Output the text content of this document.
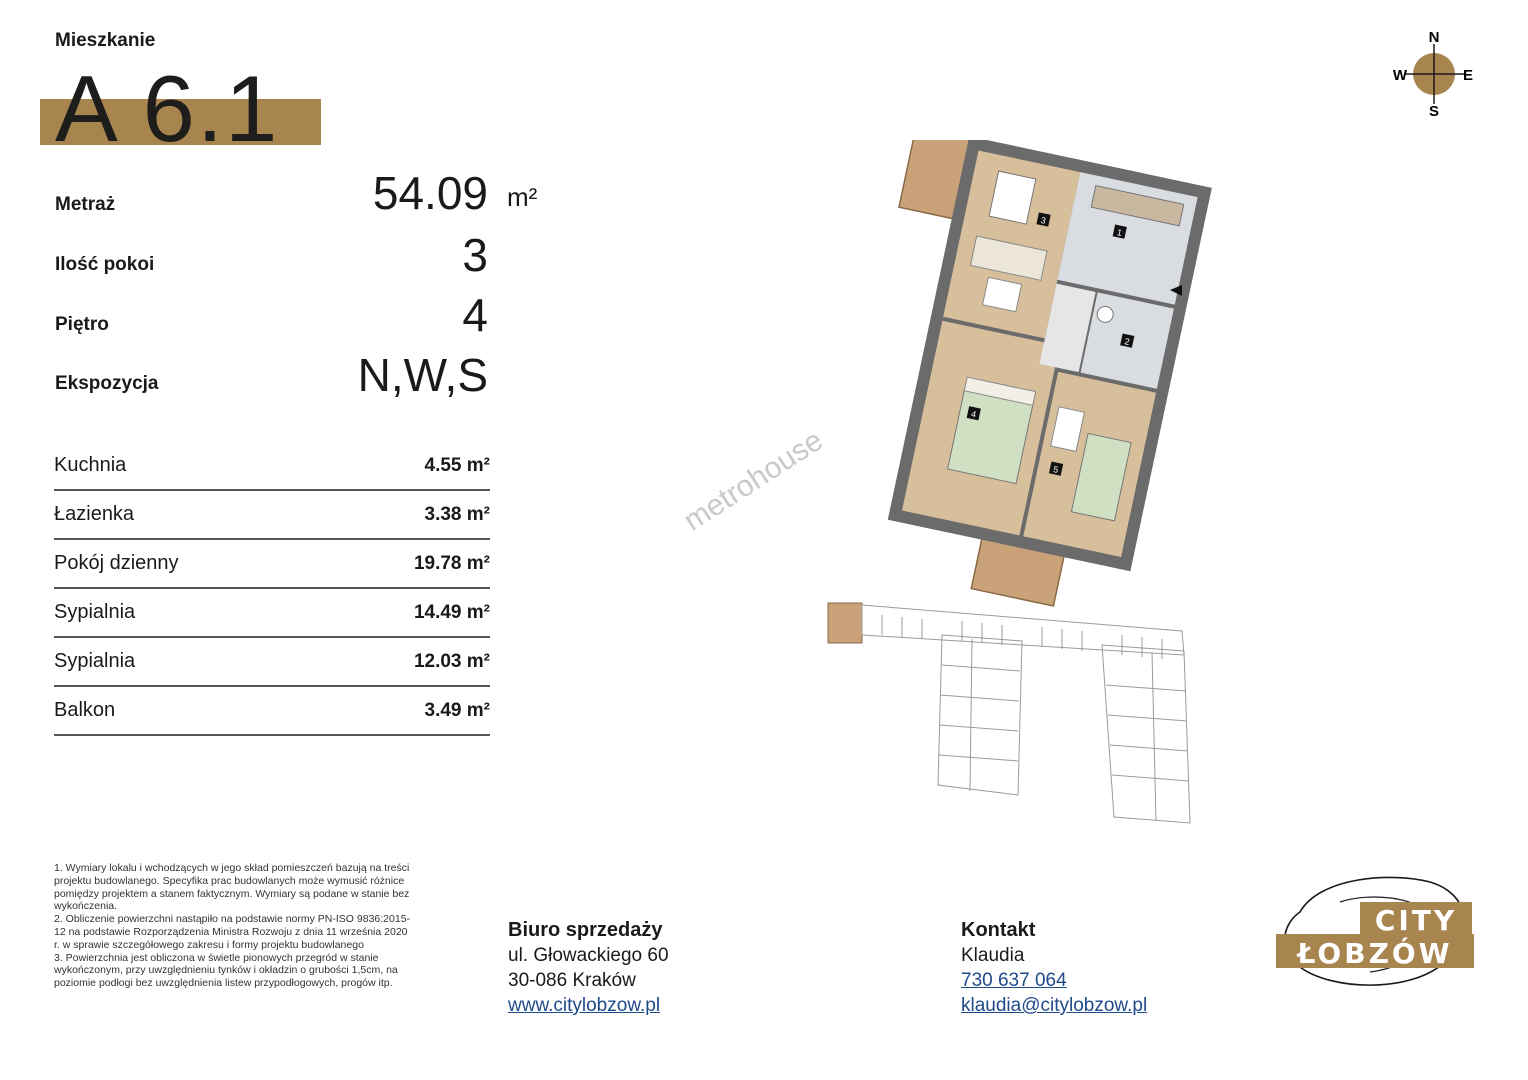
Mieszkanie
A 6.1
Metraż	54.09 m²
Ilość pokoi	3
Piętro	4
Ekspozycja	N,W,S
Kuchnia	4.55 m²
Łazienka	3.38 m²
Pokój dzienny	19.78 m²
Sypialnia	14.49 m²
Sypialnia	12.03 m²
Balkon	3.49 m²
N
E
S
W
1
2
3
4
5
metrohouse
1. Wymiary lokalu i wchodzących w jego skład pomieszczeń bazują na treści projektu budowlanego. Specyfika prac budowlanych może wymusić różnice pomiędzy projektem a stanem faktycznym. Wymiary są podane w stanie bez wykończenia.
2. Obliczenie powierzchni nastąpiło na podstawie normy PN-ISO 9836:2015-12 na podstawie Rozporządzenia Ministra Rozwoju z dnia 11 września 2020 r. w sprawie szczegółowego zakresu i formy projektu budowlanego
3. Powierzchnia jest obliczona w świetle pionowych przegród w stanie wykończonym, przy uwzględnieniu tynków i okładzin o grubości 1,5cm, na poziomie podłogi bez uwzględnienia listew przypodłogowych, progów itp.
Biuro sprzedaży
ul. Głowackiego 60
30-086 Kraków
www.citylobzow.pl
Kontakt
Klaudia
730 637 064
klaudia@citylobzow.pl
CITY
ŁOBZÓW
